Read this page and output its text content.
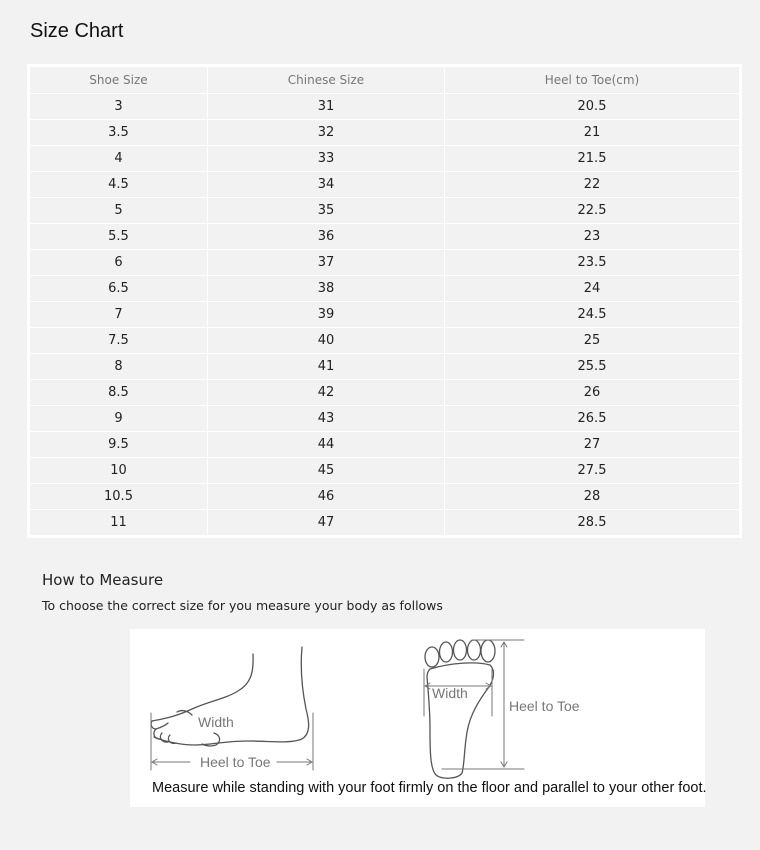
Size Chart
Shoe Size	Chinese Size	Heel to Toe(cm)
3	31	20.5
3.5	32	21
4	33	21.5
4.5	34	22
5	35	22.5
5.5	36	23
6	37	23.5
6.5	38	24
7	39	24.5
7.5	40	25
8	41	25.5
8.5	42	26
9	43	26.5
9.5	44	27
10	45	27.5
10.5	46	28
11	47	28.5
How to Measure
To choose the correct size for you measure your body as follows
Width
Heel to Toe
Width
Heel to Toe
Measure while standing with your foot firmly on the floor and parallel to your other foot.
